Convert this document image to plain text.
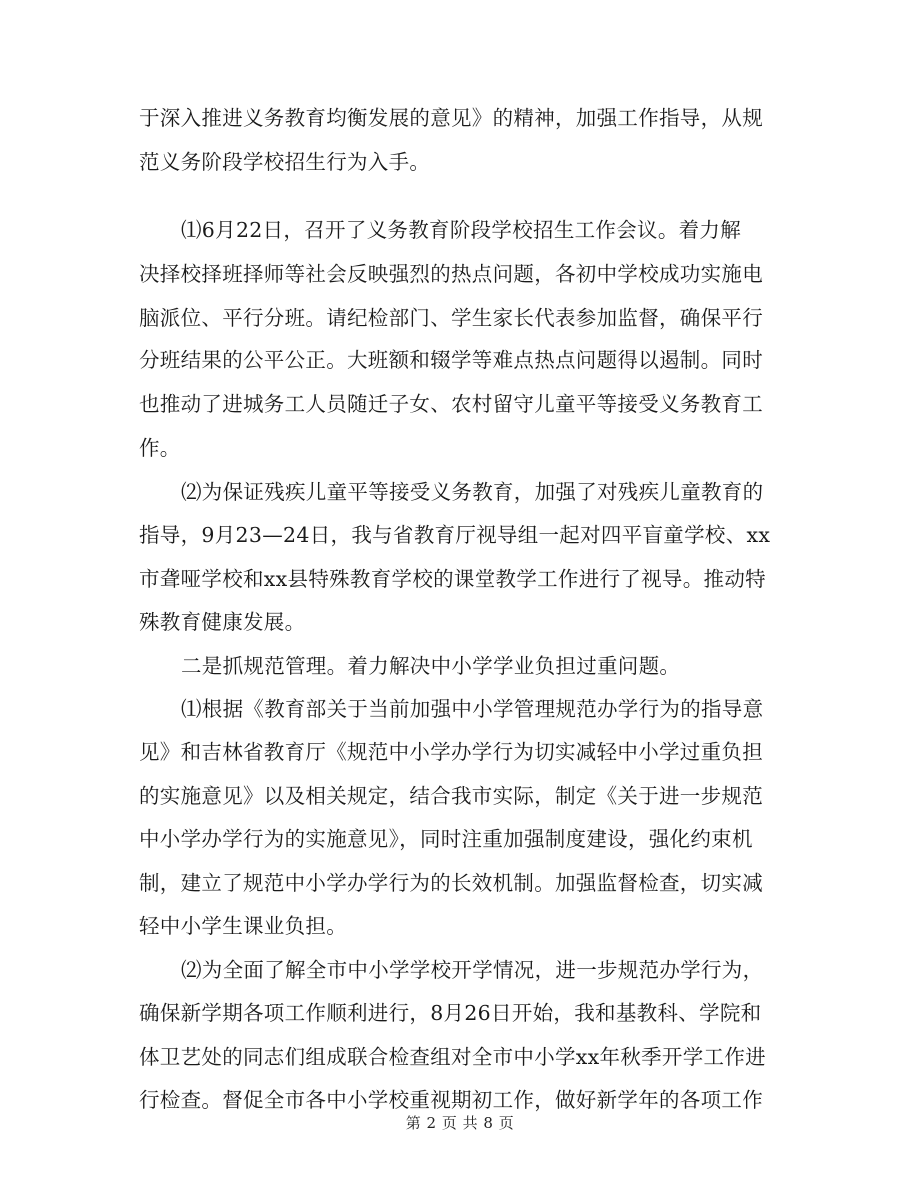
于深入推进义务教育均衡发展的意见》的精神，加强工作指导，从规
范义务阶段学校招生行为入手。
⑴6月22日，召开了义务教育阶段学校招生工作会议。着力解
决择校择班择师等社会反映强烈的热点问题，各初中学校成功实施电
脑派位、平行分班。请纪检部门、学生家长代表参加监督，确保平行
分班结果的公平公正。大班额和辍学等难点热点问题得以遏制。同时
也推动了进城务工人员随迁子女、农村留守儿童平等接受义务教育工
作。
⑵为保证残疾儿童平等接受义务教育，加强了对残疾儿童教育的
指导，9月23—24日，我与省教育厅视导组一起对四平盲童学校、xx
市聋哑学校和xx县特殊教育学校的课堂教学工作进行了视导。推动特
殊教育健康发展。
二是抓规范管理。着力解决中小学学业负担过重问题。
⑴根据《教育部关于当前加强中小学管理规范办学行为的指导意
见》和吉林省教育厅《规范中小学办学行为切实减轻中小学过重负担
的实施意见》以及相关规定，结合我市实际，制定《关于进一步规范
中小学办学行为的实施意见》，同时注重加强制度建设，强化约束机
制，建立了规范中小学办学行为的长效机制。加强监督检查，切实减
轻中小学生课业负担。
⑵为全面了解全市中小学学校开学情况，进一步规范办学行为，
确保新学期各项工作顺利进行，8月26日开始，我和基教科、学院和
体卫艺处的同志们组成联合检查组对全市中小学xx年秋季开学工作进
行检查。督促全市各中小学校重视期初工作，做好新学年的各项工作
第 2 页 共 8 页
